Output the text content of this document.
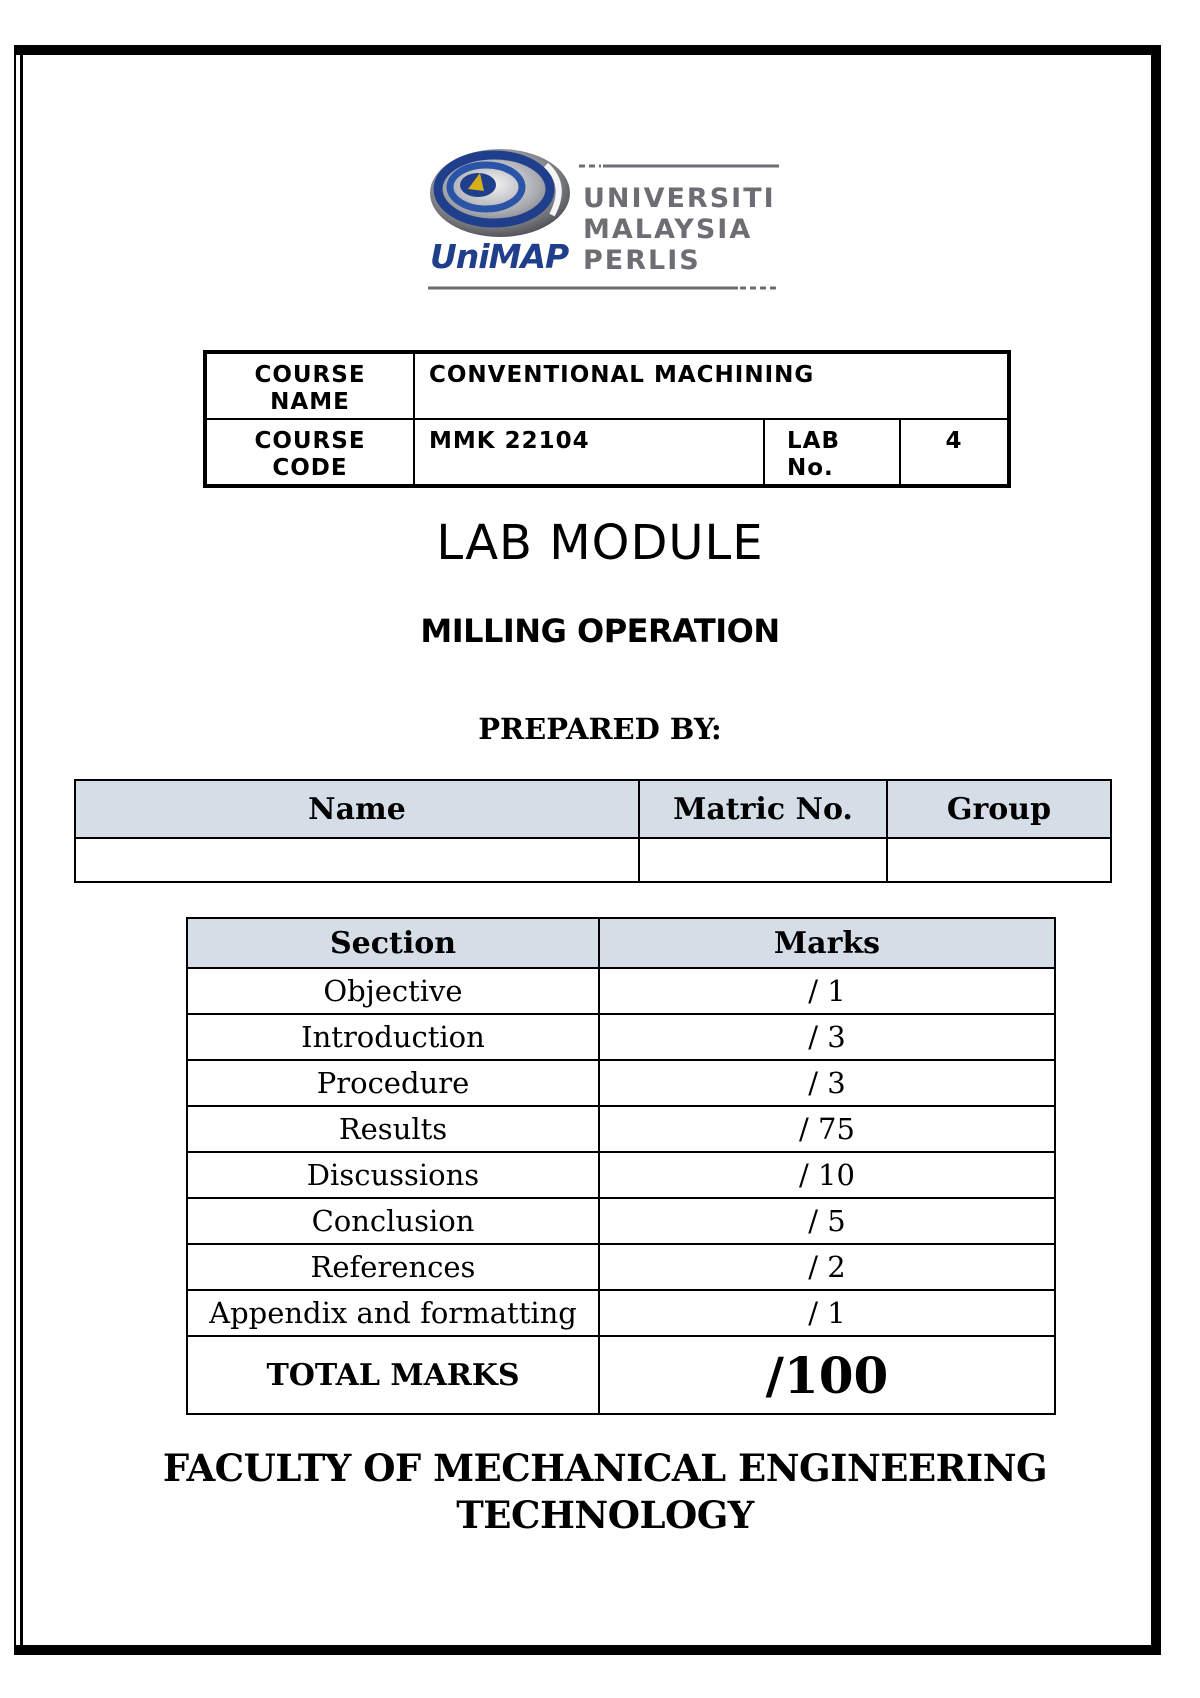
UNIVERSITI
MALAYSIA
PERLIS
UniMAP
COURSE NAME	CONVENTIONAL MACHINING		
COURSE CODE	MMK 22104	LAB No.	4
LAB MODULE
MILLING OPERATION
PREPARED BY:
Name	Matric No.	Group

Section	Marks
Objective	/ 1
Introduction	/ 3
Procedure	/ 3
Results	/ 75
Discussions	/ 10
Conclusion	/ 5
References	/ 2
Appendix and formatting	/ 1
TOTAL MARKS	/100
FACULTY OF MECHANICAL ENGINEERING
TECHNOLOGY
